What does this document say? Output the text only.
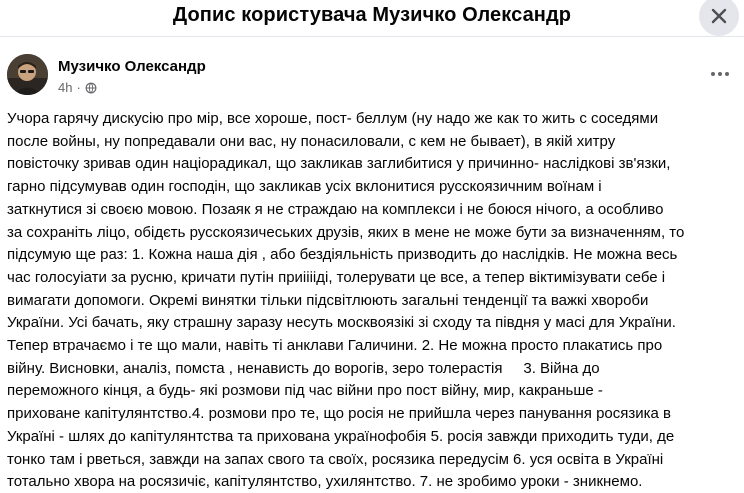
Допис користувача Музичко Олександр
Музичко Олександр
4h ·
Учора гарячу дискусію про мір, все хороше, пост- беллум (ну надо же как то жить с соседями
после войны, ну попредавали они вас, ну понасиловали, с кем не бывает), в якій хитру
повісточку зривав один націорадикал, що закликав заглибитися у причинно- наслідкові зв'язки,
гарно підсумував один господін, що закликав усіх вклонитися русскоязичним воїнам і
заткнутися зі своєю мовою. Позаяк я не страждаю на комплекси і не боюся нічого, а особливо
за сохраніть ліцо, обідєть русскоязичеських друзів, яких в мене не може бути за визначенням, то
підсумую ще раз: 1. Кожна наша дія , або бездіяльність призводить до наслідків. Не можна весь
час голосуіати за русню, кричати путін приііііді, толерувати це все, а тепер віктимізувати себе і
вимагати допомоги. Окремі винятки тільки підсвітлюють загальні тенденції та важкі хвороби
України. Усі бачать, яку страшну заразу несуть москвоязікі зі сходу та півдня у масі для України.
Тепер втрачаємо і те що мали, навіть ті анклави Галичини. 2. Не можна просто плакатись про
війну. Висновки, аналіз, помста , ненависть до ворогів, зеро толерастія     3. Війна до
переможного кінця, а будь- які розмови під час війни про пост війну, мир, какраньше -
приховане капітулянтство.4. розмови про те, що росія не прийшла через панування росязика в
Україні - шлях до капітулянтства та прихована українофобія 5. росія завжди приходить туди, де
тонко там і рветься, завжди на запах свого та своїх, росязика передусім 6. уся освіта в Україні
тотально хвора на росязичіє, капітулянтство, ухилянтство. 7. не зробимо уроки - зникнемо.
